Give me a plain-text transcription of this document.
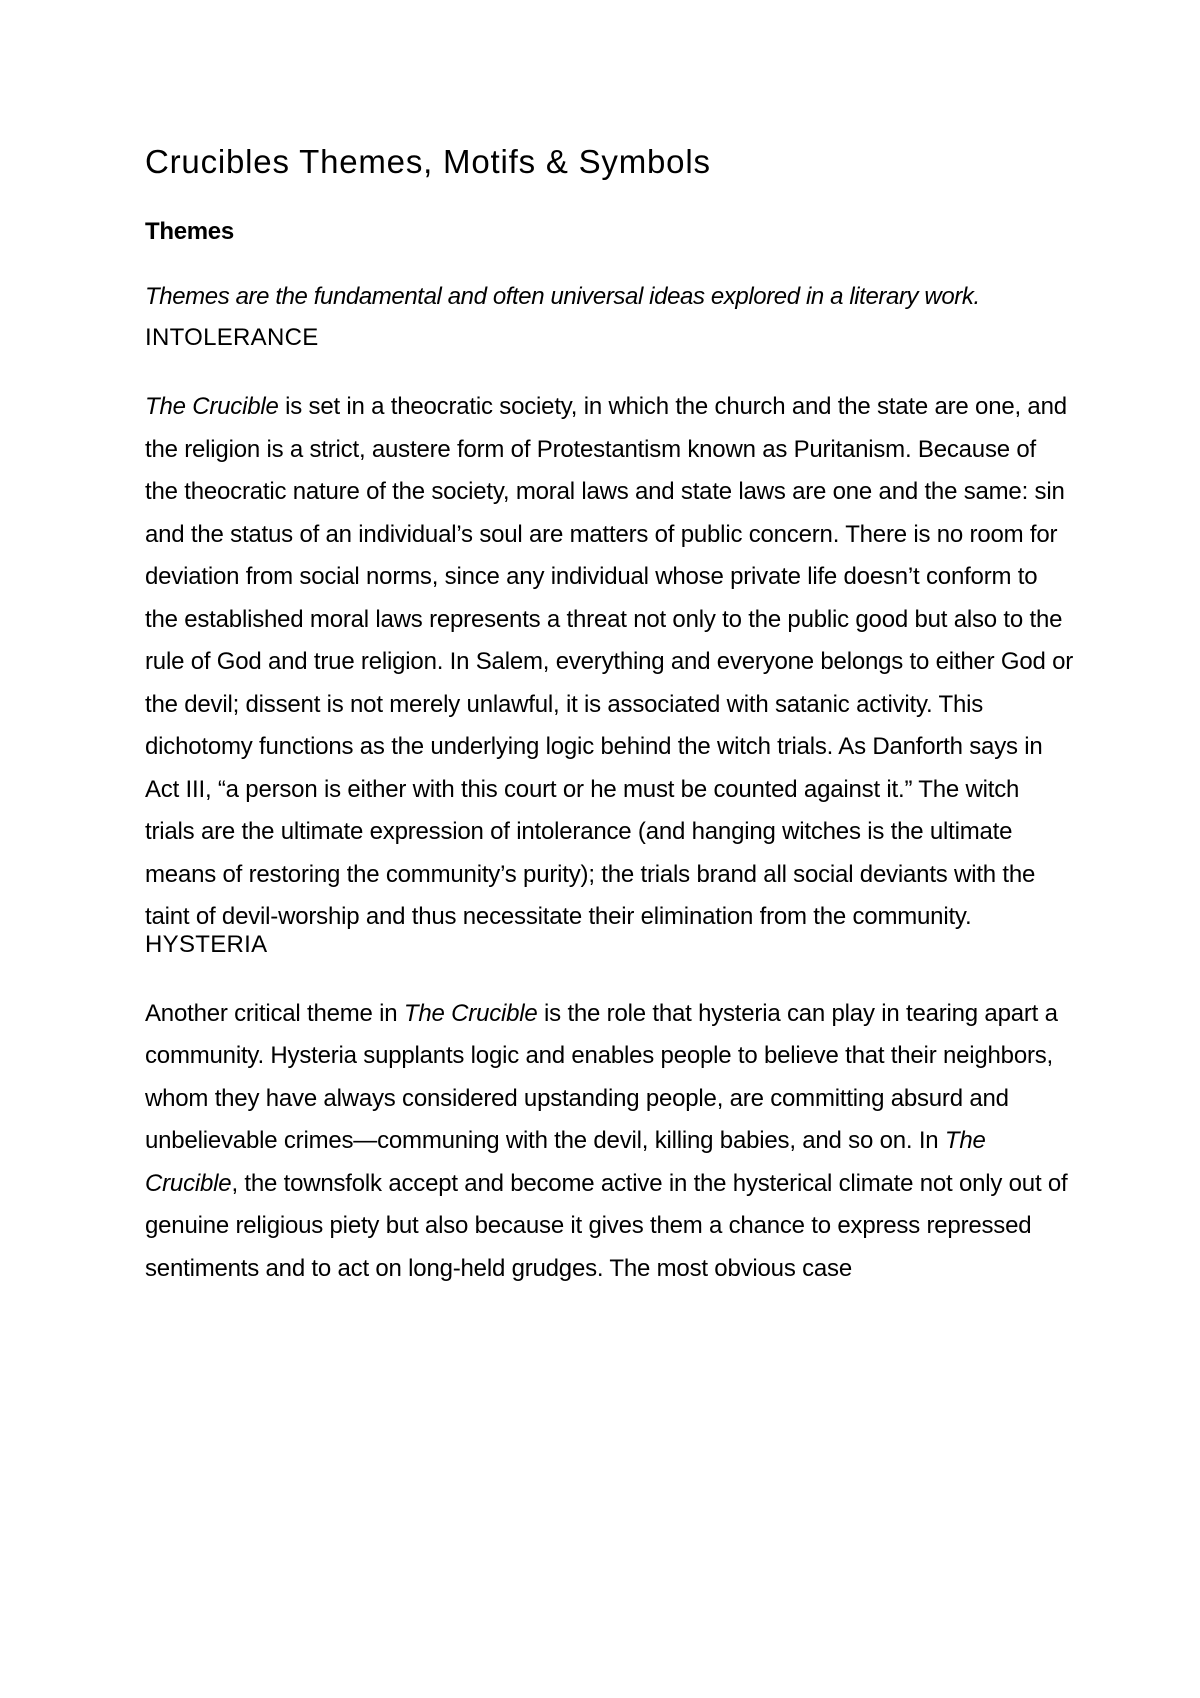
Crucibles Themes, Motifs & Symbols
Themes

Themes are the fundamental and often universal ideas explored in a literary work.

INTOLERANCE

The Crucible is set in a theocratic society, in which the church and the state are one, and the religion is a strict, austere form of Protestantism known as Puritanism. Because of the theocratic nature of the society, moral laws and state laws are one and the same: sin and the status of an individual’s soul are matters of public concern. There is no room for deviation from social norms, since any individual whose private life doesn’t conform to the established moral laws represents a threat not only to the public good but also to the rule of God and true religion. In Salem, everything and everyone belongs to either God or the devil; dissent is not merely unlawful, it is associated with satanic activity. This dichotomy functions as the underlying logic behind the witch trials. As Danforth says in Act III, “a person is either with this court or he must be counted against it.” The witch trials are the ultimate expression of intolerance (and hanging witches is the ultimate means of restoring the community’s purity); the trials brand all social deviants with the taint of devil-worship and thus necessitate their elimination from the community.

HYSTERIA

Another critical theme in The Crucible is the role that hysteria can play in tearing apart a community. Hysteria supplants logic and enables people to believe that their neighbors, whom they have always considered upstanding people, are committing absurd and unbelievable crimes—communing with the devil, killing babies, and so on. In The Crucible, the townsfolk accept and become active in the hysterical climate not only out of genuine religious piety but also because it gives them a chance to express repressed sentiments and to act on long-held grudges. The most obvious case
